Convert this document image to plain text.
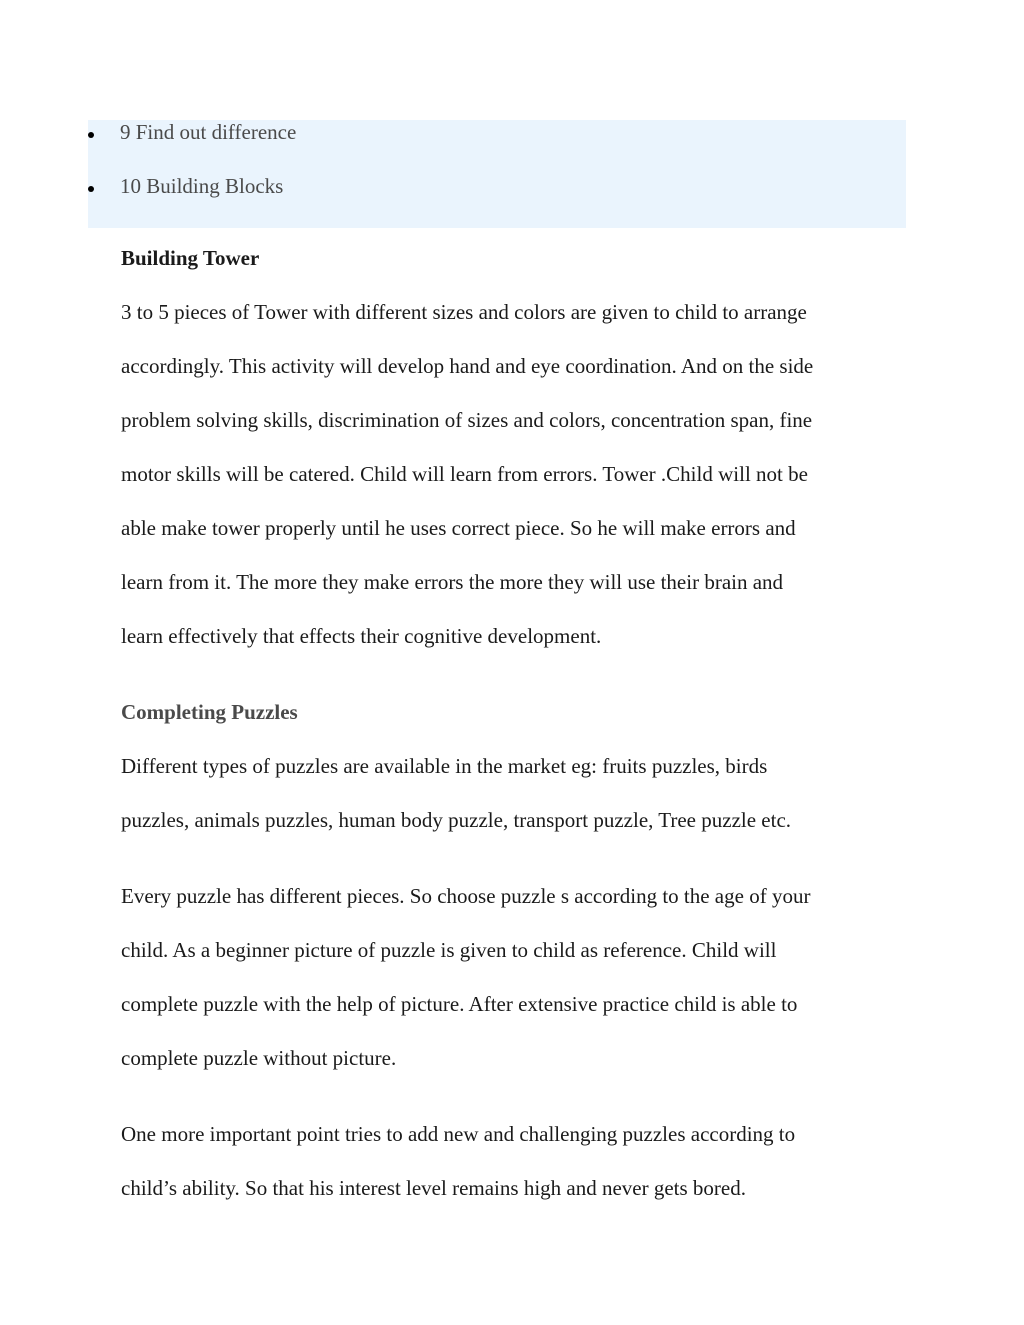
9 Find out difference
10 Building Blocks
Building Tower
3 to 5 pieces of Tower with different sizes and colors are given to child to arrange
accordingly. This activity will develop hand and eye coordination. And on the side
problem solving skills, discrimination of sizes and colors, concentration span, fine
motor skills will be catered. Child will learn from errors. Tower .Child will not be
able make tower properly until he uses correct piece. So he will make errors and
learn from it. The more they make errors the more they will use their brain and
learn effectively that effects their cognitive development.
Completing Puzzles
Different types of puzzles are available in the market eg: fruits puzzles, birds
puzzles, animals puzzles, human body puzzle, transport puzzle, Tree puzzle etc.
Every puzzle has different pieces. So choose puzzle s according to the age of your
child. As a beginner picture of puzzle is given to child as reference. Child will
complete puzzle with the help of picture. After extensive practice child is able to
complete puzzle without picture.
One more important point tries to add new and challenging puzzles according to
child’s ability. So that his interest level remains high and never gets bored.
